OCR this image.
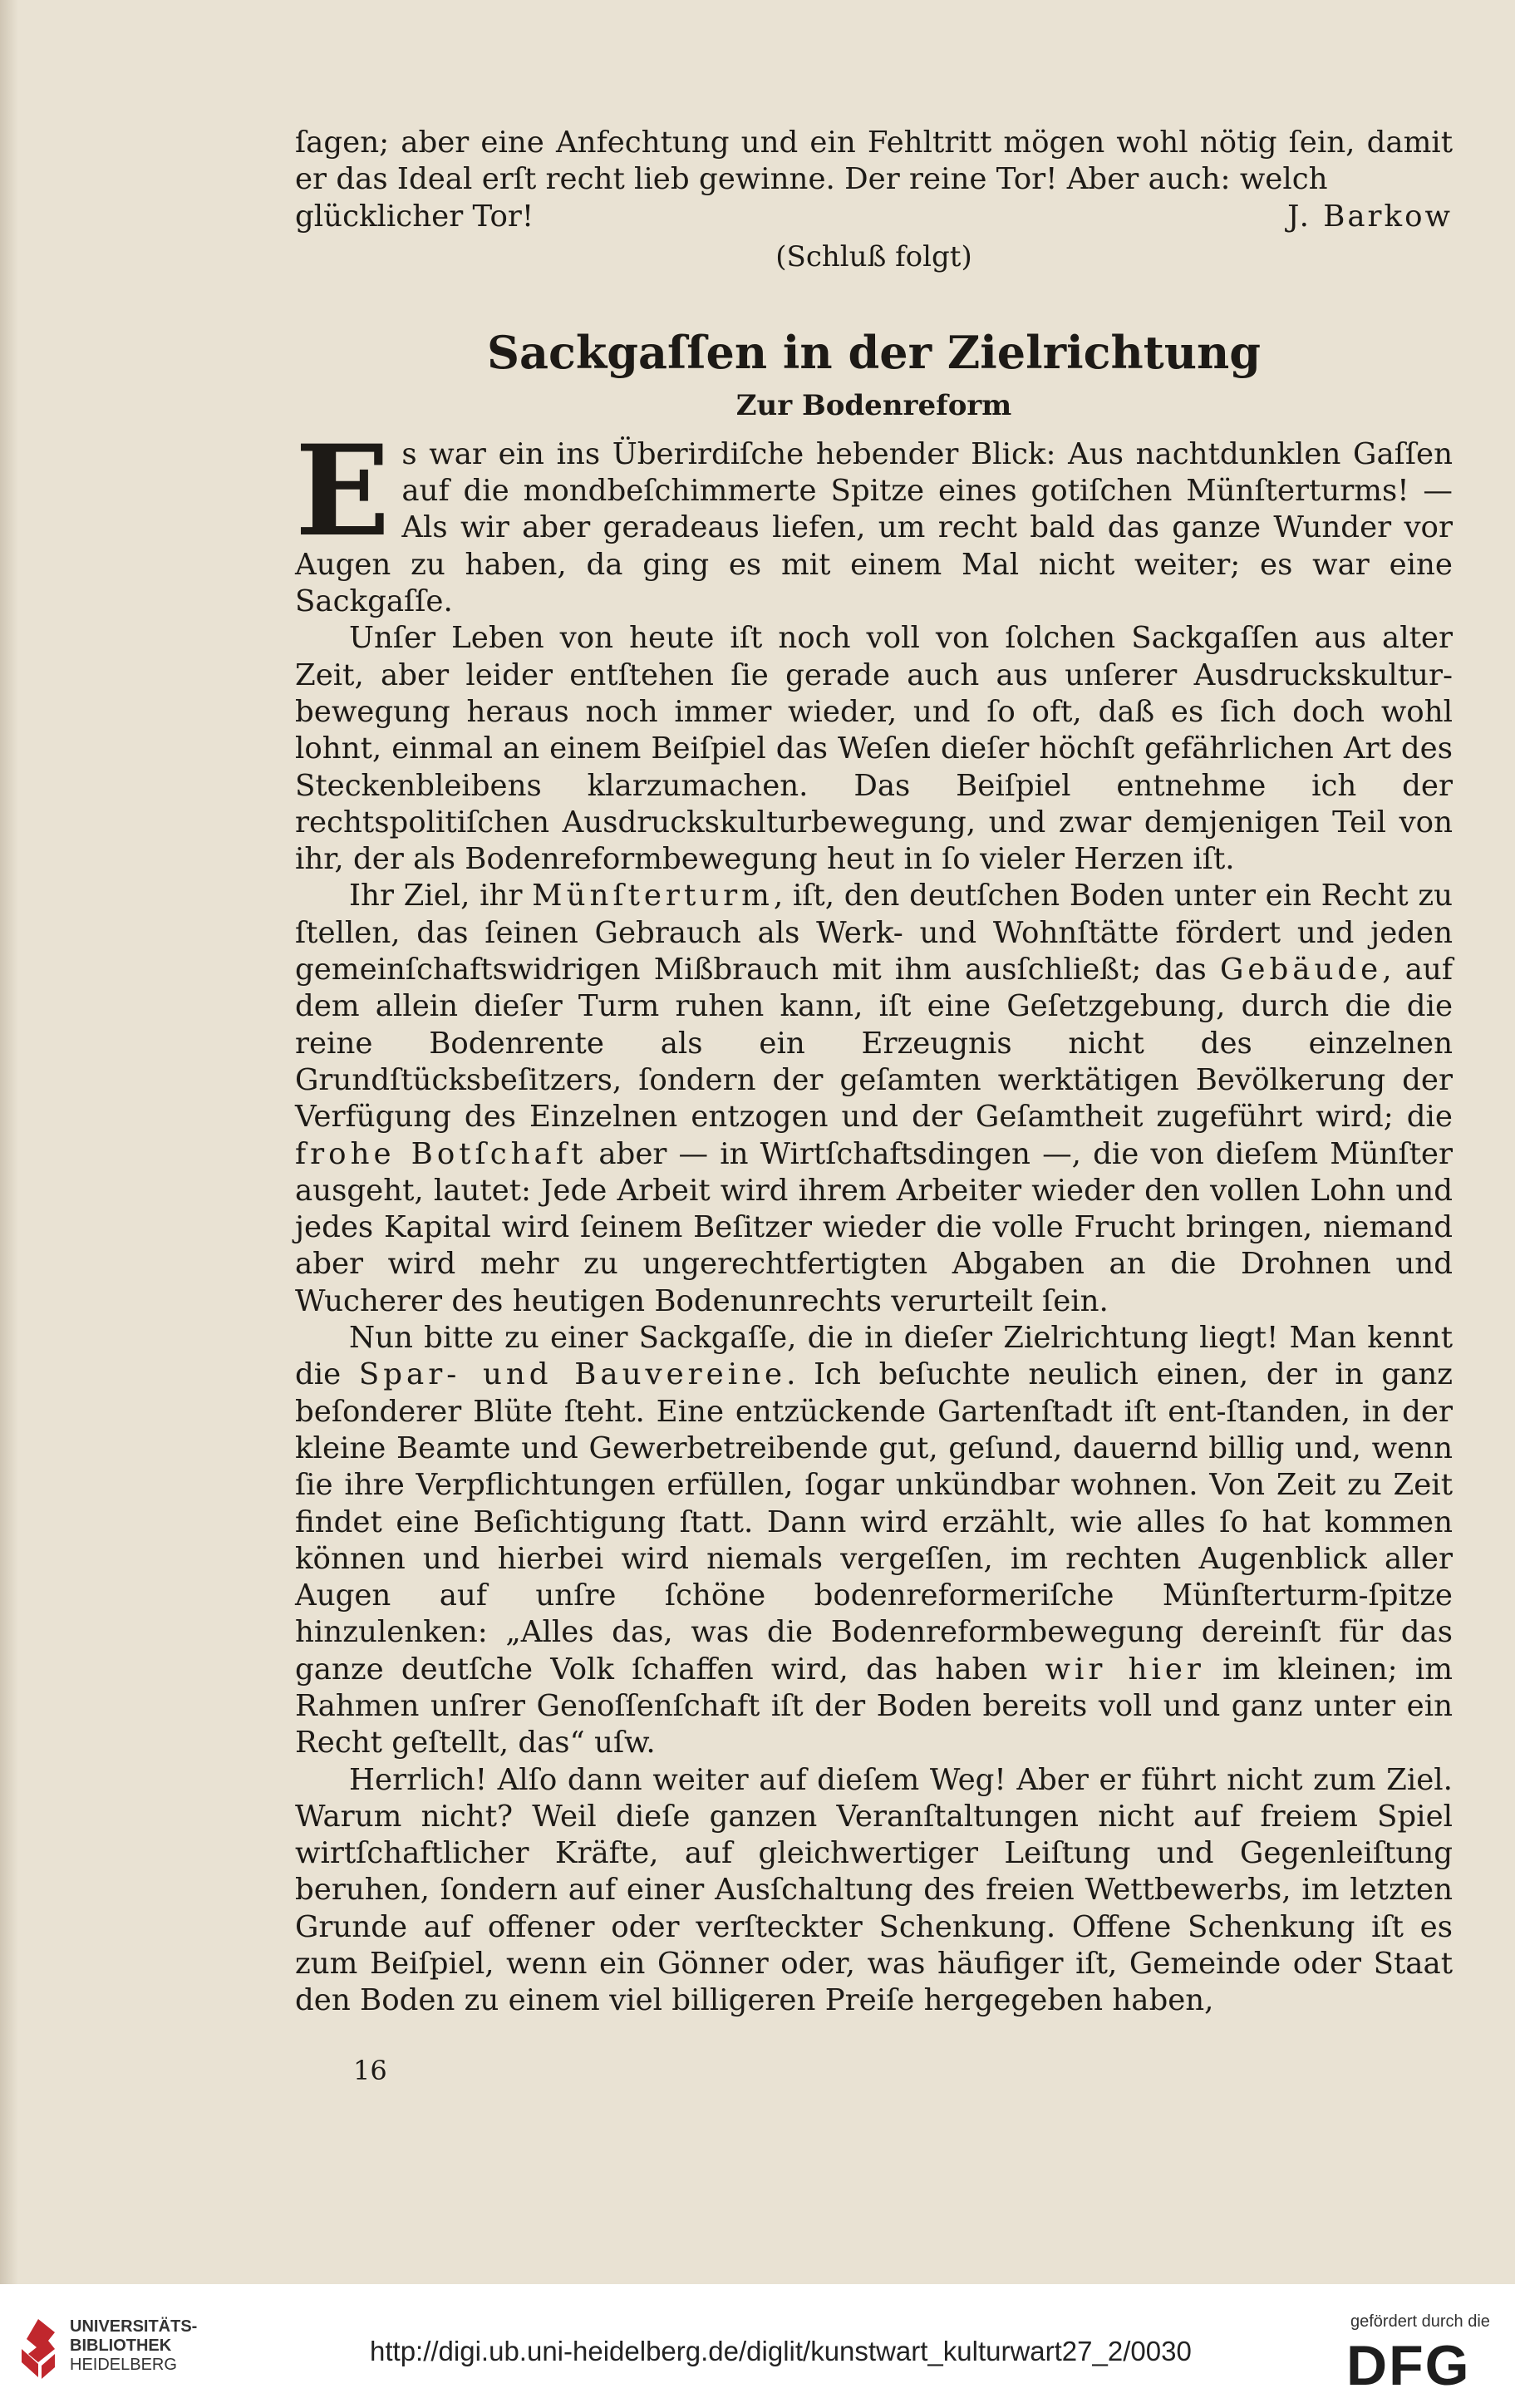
ſagen; aber eine Anfechtung und ein Fehltritt mögen wohl nötig ſein, damit er das Ideal erſt recht lieb gewinne. Der reine Tor! Aber auch: welch

glücklicher Tor!	J. Barkow
(Schluß folgt)
Sackgaſſen in der Zielrichtung
Zur Bodenreform

Es war ein ins Überirdiſche hebender Blick: Aus nachtdunklen Gaſſen auf die mondbeſchimmerte Spitze eines gotiſchen Münſterturms! — Als wir aber geradeaus liefen, um recht bald das ganze Wunder vor Augen zu haben, da ging es mit einem Mal nicht weiter; es war eine Sackgaſſe.

Unſer Leben von heute iſt noch voll von ſolchen Sackgaſſen aus alter Zeit, aber leider entſtehen ſie gerade auch aus unſerer Ausdruckskultur-bewegung heraus noch immer wieder, und ſo oft, daß es ſich doch wohl lohnt, einmal an einem Beiſpiel das Weſen dieſer höchſt gefährlichen Art des Steckenbleibens klarzumachen. Das Beiſpiel entnehme ich der rechtspolitiſchen Ausdruckskulturbewegung, und zwar demjenigen Teil von ihr, der als Bodenreformbewegung heut in ſo vieler Herzen iſt.

Ihr Ziel, ihr Münſterturm, iſt, den deutſchen Boden unter ein Recht zu ſtellen, das ſeinen Gebrauch als Werk- und Wohnſtätte fördert und jeden gemeinſchaftswidrigen Mißbrauch mit ihm ausſchließt; das Gebäude, auf dem allein dieſer Turm ruhen kann, iſt eine Geſetzgebung, durch die die reine Bodenrente als ein Erzeugnis nicht des einzelnen Grundſtücksbeſitzers, ſondern der geſamten werktätigen Bevölkerung der Verfügung des Einzelnen entzogen und der Geſamtheit zugeführt wird; die frohe Botſchaft aber — in Wirtſchaftsdingen —, die von dieſem Münſter ausgeht, lautet: Jede Arbeit wird ihrem Arbeiter wieder den vollen Lohn und jedes Kapital wird ſeinem Beſitzer wieder die volle Frucht bringen, niemand aber wird mehr zu ungerechtfertigten Abgaben an die Drohnen und Wucherer des heutigen Bodenunrechts verurteilt ſein.

Nun bitte zu einer Sackgaſſe, die in dieſer Zielrichtung liegt! Man kennt die Spar- und Bauvereine. Ich beſuchte neulich einen, der in ganz beſonderer Blüte ſteht. Eine entzückende Gartenſtadt iſt ent-ſtanden, in der kleine Beamte und Gewerbetreibende gut, geſund, dauernd billig und, wenn ſie ihre Verpflichtungen erfüllen, ſogar unkündbar wohnen. Von Zeit zu Zeit findet eine Beſichtigung ſtatt. Dann wird erzählt, wie alles ſo hat kommen können und hierbei wird niemals vergeſſen, im rechten Augenblick aller Augen auf unſre ſchöne bodenreformeriſche Münſterturm-ſpitze hinzulenken: „Alles das, was die Bodenreformbewegung dereinſt für das ganze deutſche Volk ſchaffen wird, das haben wir hier im kleinen; im Rahmen unſrer Genoſſenſchaft iſt der Boden bereits voll und ganz unter ein Recht geſtellt, das“ uſw.

Herrlich! Alſo dann weiter auf dieſem Weg! Aber er führt nicht zum Ziel. Warum nicht? Weil dieſe ganzen Veranſtaltungen nicht auf freiem Spiel wirtſchaftlicher Kräfte, auf gleichwertiger Leiſtung und Gegenleiſtung beruhen, ſondern auf einer Ausſchaltung des freien Wettbewerbs, im letzten Grunde auf offener oder verſteckter Schenkung. Offene Schenkung iſt es zum Beiſpiel, wenn ein Gönner oder, was häufiger iſt, Gemeinde oder Staat den Boden zu einem viel billigeren Preiſe hergegeben haben,

16
UNIVERSITÄTS-
BIBLIOTHEK
HEIDELBERG	http://digi.ub.uni-heidelberg.de/diglit/kunstwart_kulturwart27_2/0030
gefördert durch die
DFG
